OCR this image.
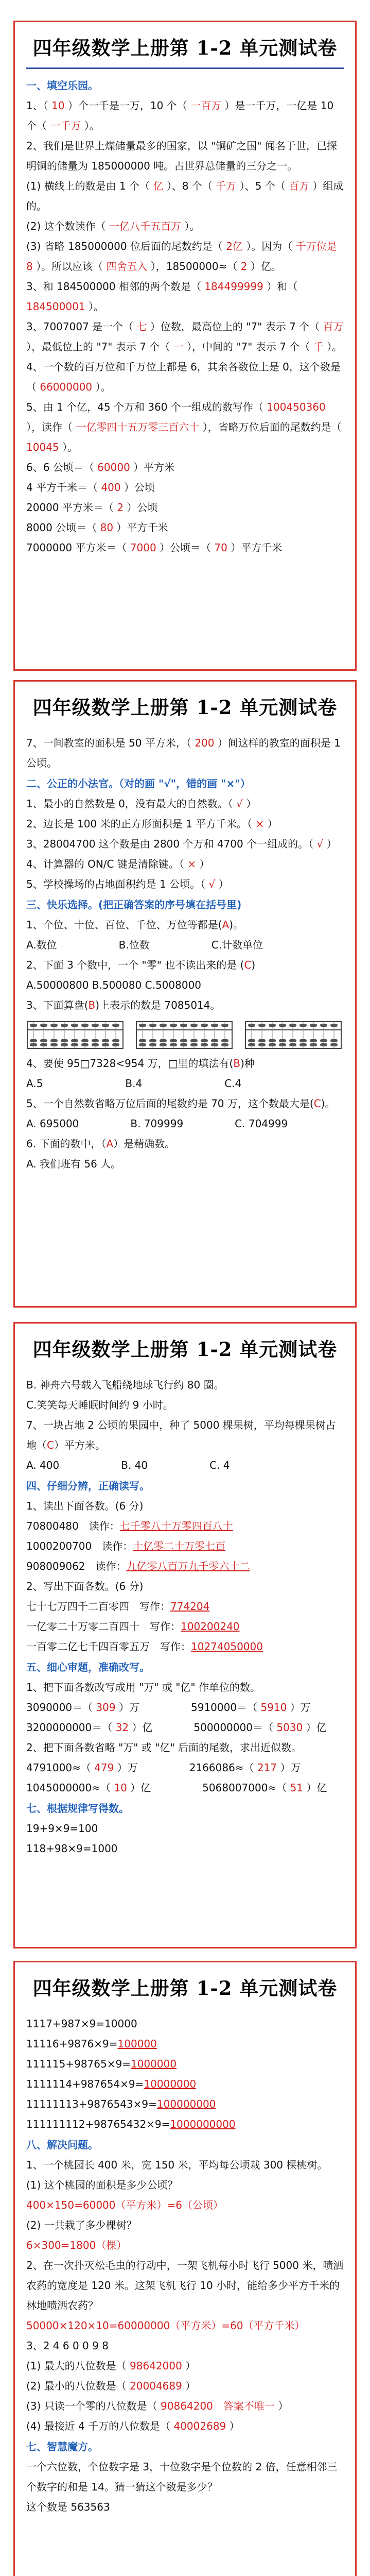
四年级数学上册第 1-2 单元测试卷
一、填空乐园。
1、（ 10 ）个一千是一万，10 个（ 一百万 ）是一千万，一亿是 10 个（ 一千万 ）。
2、我们是世界上煤储量最多的国家，以 "铜矿之国" 闻名于世，已探明铜的储量为 185000000 吨。占世界总储量的三分之一。
(1) 横线上的数是由 1 个（ 亿 ）、8 个（ 千万 ）、5 个（ 百万 ）组成的。
(2) 这个数读作（ 一亿八千五百万 ）。
(3) 省略 185000000 位后面的尾数约是（ 2亿 ）。因为（ 千万位是 8 ）。所以应该（ 四舍五入 ），18500000≈（ 2 ）亿。
3、和 184500000 相邻的两个数是（ 184499999 ）和（ 184500001 ）。
3、7007007 是一个（ 七 ）位数，最高位上的 "7" 表示 7 个（ 百万 ），最低位上的 "7" 表示 7 个（ 一 ），中间的 "7" 表示 7 个（ 千 ）。
4、一个数的百万位和千万位上都是 6，其余各数位上是 0，这个数是（ 66000000 ）。
5、由 1 个亿，45 个万和 360 个一组成的数写作（ 100450360 ），读作（ 一亿零四十五万零三百六十 ），省略万位后面的尾数约是（ 10045 ）。
6、6 公顷＝（ 60000 ）平方米
4 平方千米＝（ 400 ）公顷
20000 平方米＝（ 2 ）公顷
8000 公顷＝（ 80 ）平方千米
7000000 平方米＝（ 7000 ）公顷＝（ 70 ）平方千米
四年级数学上册第 1-2 单元测试卷
7、一间教室的面积是 50 平方米，（ 200 ）间这样的教室的面积是 1 公顷。
二、公正的小法官。（对的画 "√"，错的画 "×"）
1、最小的自然数是 0，没有最大的自然数。（ √ ）
2、边长是 100 米的正方形面积是 1 平方千米。（ × ）
3、28004700 这个数是由 2800 个万和 4700 个一组成的。（ √ ）
4、计算器的 ON/C 键是清除键。（ × ）
5、学校操场的占地面积约是 1 公顷。（ √ ）
三、快乐选择。(把正确答案的序号填在括号里)
1、个位、十位、百位、千位、万位等都是(A)。
A.数位　　　　　　B.位数　　　　　　C.计数单位
2、下面 3 个数中，一个 "零" 也不读出来的是 (C)
A.50000800 B.500080 C.5008000
3、下面算盘(B)上表示的数是 7085014。
4、要使 95□7328<954 万，□里的填法有(B)种
A.5　　　　　　　　B.4　　　　　　　　C.4
5、一个自然数省略万位后面的尾数约是 70 万，这个数最大是(C)。
A. 695000　　　　　B. 709999　　　　　C. 704999
6. 下面的数中，（A）是精确数。
A. 我们班有 56 人。
四年级数学上册第 1-2 单元测试卷
B. 神舟六号载入飞船绕地球飞行约 80 圈。
C.笑笑每天睡眠时间约 9 小时。
7、一块占地 2 公顷的果园中，种了 5000 棵果树，平均每棵果树占地（C）平方米。
A. 400　　　　　　B. 40　　　　　　C. 4
四、仔细分辨，正确读写。
1、读出下面各数。(6 分)
70800480　读作：七千零八十万零四百八十
1000200700　读作：十亿零二十万零七百
908009062　读作：九亿零八百万九千零六十二
2、写出下面各数。(6 分)
七十七万四千二百零四　写作：774204
一亿零二十万零二百四十　写作：100200240
一百零二亿七千四百零五万　写作：10274050000
五、细心审题，准确改写。
1、把下面各数改写成用 "万" 或 "亿" 作单位的数。
3090000＝（ 309 ）万　　　　　5910000＝（ 5910 ）万
3200000000＝（ 32 ）亿　　　　500000000＝（ 5030 ）亿
2、把下面各数省略 "万" 或 "亿" 后面的尾数，求出近似数。
4791000≈（ 479 ）万　　　　　2166086≈（ 217 ）万
1045000000≈（ 10 ）亿　　　　　5068007000≈（ 51 ）亿
七、根据规律写得数。
19+9×9=100
118+98×9=1000
四年级数学上册第 1-2 单元测试卷
1117+987×9=10000
11116+9876×9=100000
111115+98765×9=1000000
1111114+987654×9=10000000
11111113+9876543×9=100000000
111111112+98765432×9=1000000000
八、解决问题。
1、一个桃园长 400 米，宽 150 米，平均每公顷栽 300 棵桃树。
(1) 这个桃园的面积是多少公顷？
400×150=60000（平方米）=6（公顷）
(2) 一共栽了多少棵树？
6×300=1800（棵）
2、在一次扑灭松毛虫的行动中，一架飞机每小时飞行 5000 米，喷洒农药的宽度是 120 米。这架飞机飞行 10 小时，能给多少平方千米的林地喷洒农药？
50000×120×10=60000000（平方米）=60（平方千米）
3、2 4 6 0 0 9 8
(1) 最大的八位数是（ 98642000 ）
(2) 最小的八位数是（ 20004689 ）
(3) 只读一个零的八位数是（ 90864200　答案不唯一 ）
(4) 最接近 4 千万的八位数是（ 40002689 ）
七、智慧魔方。
一个六位数，个位数字是 3，十位数字是个位数的 2 倍，任意相邻三个数字的和是 14。猜一猜这个数是多少？
这个数是 563563
